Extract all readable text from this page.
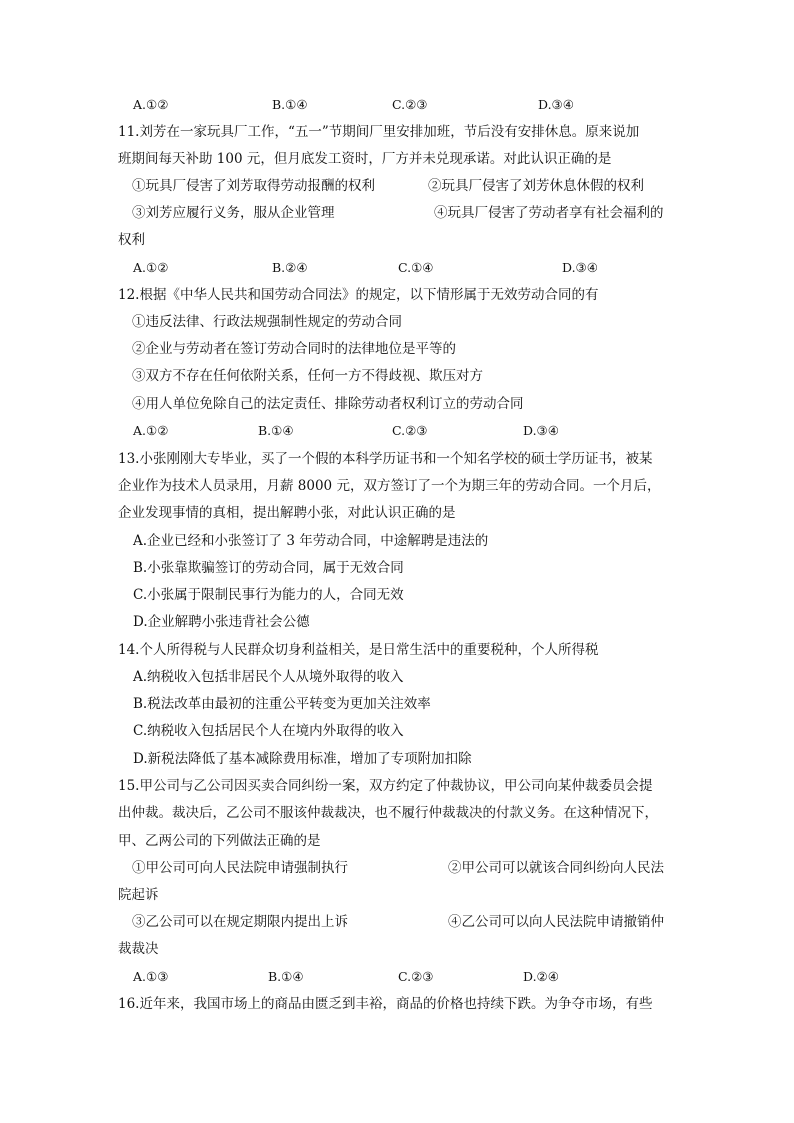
A.①②	B.①④	C.②③	D.③④
11.刘芳在一家玩具厂工作，“五一”节期间厂里安排加班，节后没有安排休息。原来说加
班期间每天补助 100 元，但月底发工资时，厂方并未兑现承诺。对此认识正确的是
①玩具厂侵害了刘芳取得劳动报酬的权利	②玩具厂侵害了刘芳休息休假的权利
③刘芳应履行义务，服从企业管理	④玩具厂侵害了劳动者享有社会福利的
权利
A.①②	B.②④	C.①④	D.③④
12.根据《中华人民共和国劳动合同法》的规定，以下情形属于无效劳动合同的有
①违反法律、行政法规强制性规定的劳动合同
②企业与劳动者在签订劳动合同时的法律地位是平等的
③双方不存在任何依附关系，任何一方不得歧视、欺压对方
④用人单位免除自己的法定责任、排除劳动者权利订立的劳动合同
A.①②	B.①④	C.②③	D.③④
13.小张刚刚大专毕业，买了一个假的本科学历证书和一个知名学校的硕士学历证书，被某
企业作为技术人员录用，月薪 8000 元，双方签订了一个为期三年的劳动合同。一个月后，
企业发现事情的真相，提出解聘小张，对此认识正确的是
A.企业已经和小张签订了 3 年劳动合同，中途解聘是违法的
B.小张靠欺骗签订的劳动合同，属于无效合同
C.小张属于限制民事行为能力的人，合同无效
D.企业解聘小张违背社会公德
14.个人所得税与人民群众切身利益相关，是日常生活中的重要税种，个人所得税
A.纳税收入包括非居民个人从境外取得的收入
B.税法改革由最初的注重公平转变为更加关注效率
C.纳税收入包括居民个人在境内外取得的收入
D.新税法降低了基本减除费用标准，增加了专项附加扣除
15.甲公司与乙公司因买卖合同纠纷一案，双方约定了仲裁协议，甲公司向某仲裁委员会提
出仲裁。裁决后，乙公司不服该仲裁裁决，也不履行仲裁裁决的付款义务。在这种情况下，
甲、乙两公司的下列做法正确的是
①甲公司可向人民法院申请强制执行	②甲公司可以就该合同纠纷向人民法
院起诉
③乙公司可以在规定期限内提出上诉	④乙公司可以向人民法院申请撤销仲
裁裁决
A.①③	B.①④	C.②③	D.②④
16.近年来，我国市场上的商品由匮乏到丰裕，商品的价格也持续下跌。为争夺市场，有些
